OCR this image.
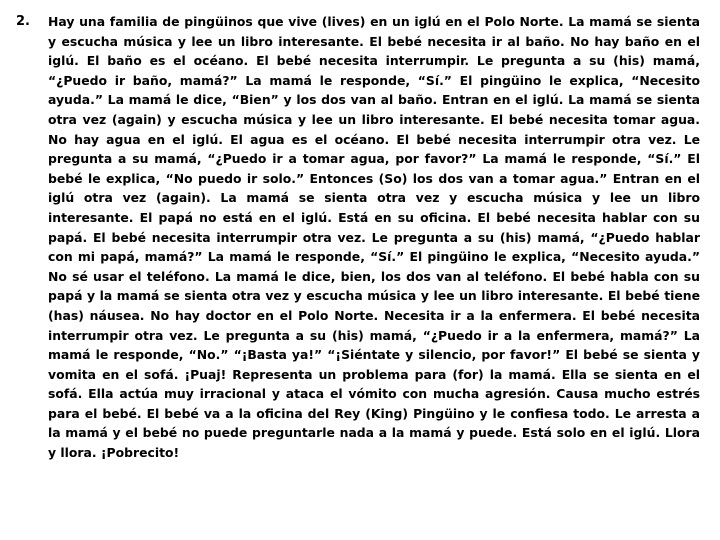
2. Hay una familia de pingüinos que vive (lives) en un iglú en el Polo Norte. La mamá se sienta y escucha música y lee un libro interesante. El bebé necesita ir al baño. No hay baño en el iglú. El baño es el océano. El bebé necesita interrumpir. Le pregunta a su (his) mamá, “¿Puedo ir baño, mamá?” La mamá le responde, “Sí.” El pingüino le explica, “Necesito ayuda.” La mamá le dice, “Bien” y los dos van al baño. Entran en el iglú. La mamá se sienta otra vez (again) y escucha música y lee un libro interesante. El bebé necesita tomar agua. No hay agua en el iglú. El agua es el océano. El bebé necesita interrumpir otra vez. Le pregunta a su mamá, “¿Puedo ir a tomar agua, por favor?” La mamá le responde, “Sí.” El bebé le explica, “No puedo ir solo.” Entonces (So) los dos van a tomar agua.” Entran en el iglú otra vez (again). La mamá se sienta otra vez y escucha música y lee un libro interesante. El papá no está en el iglú. Está en su oficina. El bebé necesita hablar con su papá. El bebé necesita interrumpir otra vez. Le pregunta a su (his) mamá, “¿Puedo hablar con mi papá, mamá?” La mamá le responde, “Sí.” El pingüino le explica, “Necesito ayuda.” No sé usar el teléfono. La mamá le dice, bien, los dos van al teléfono. El bebé habla con su papá y la mamá se sienta otra vez y escucha música y lee un libro interesante. El bebé tiene (has) náusea. No hay doctor en el Polo Norte. Necesita ir a la enfermera. El bebé necesita interrumpir otra vez. Le pregunta a su (his) mamá, “¿Puedo ir a la enfermera, mamá?” La mamá le responde, “No.” “¡Basta ya!” “¡Siéntate y silencio, por favor!” El bebé se sienta y vomita en el sofá. ¡Puaj! Representa un problema para (for) la mamá. Ella se sienta en el sofá. Ella actúa muy irracional y ataca el vómito con mucha agresión. Causa mucho estrés para el bebé. El bebé va a la oficina del Rey (King) Pingüino y le confiesa todo. Le arresta a la mamá y el bebé no puede preguntarle nada a la mamá y puede. Está solo en el iglú. Llora y llora. ¡Pobrecito!
